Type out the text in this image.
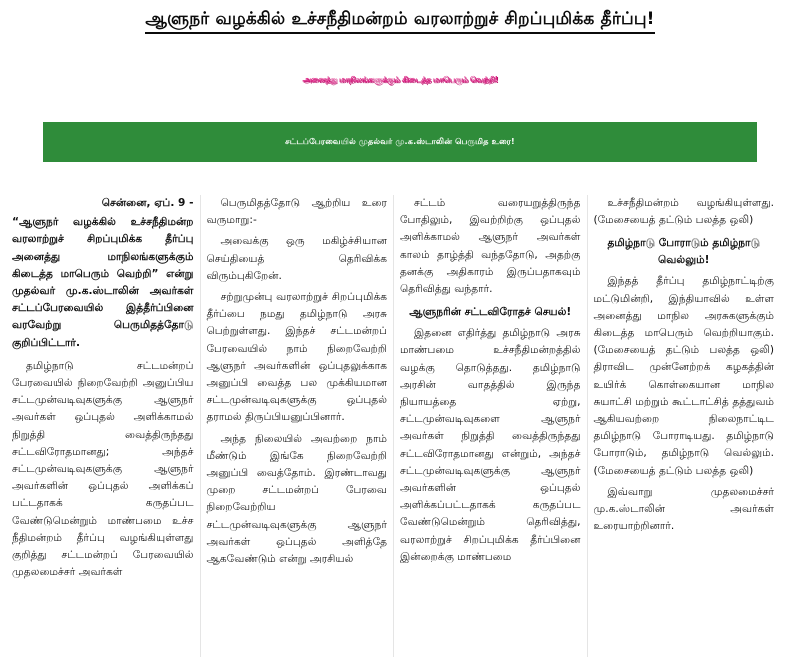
ஆளுநர் வழக்கில் உச்சநீதிமன்றம் வரலாற்றுச் சிறப்புமிக்க தீர்ப்பு!
அனைத்து மாநிலங்களுக்கும் கிடைத்த மாபெரும் வெற்றி!
சட்டப்பேரவையில் முதல்வர் மு.க.ஸ்டாலின் பெருமித உரை!
சென்னை, ஏப். 9 -
“ஆளுநர் வழக்கில் உச்சநீதிமன்ற வரலாற்றுச் சிறப்புமிக்க தீர்ப்பு அனைத்து மாநிலங்களுக்கும் கிடைத்த மாபெரும் வெற்றி” என்று முதல்வர் மு.க.ஸ்டாலின் அவர்கள் சட்டப்பேரவையில் இத்தீர்ப்பினை வரவேற்று பெருமிதத்தோடு குறிப்பிட்டார்.

தமிழ்நாடு சட்டமன்றப் பேரவையில் நிறைவேற்றி அனுப்பிய சட்டமுன்வடிவுகளுக்கு ஆளுநர் அவர்கள் ஒப்புதல் அளிக்காமல் நிறுத்தி வைத்திருந்தது சட்டவிரோதமானது; அந்தச் சட்டமுன்வடிவுகளுக்கு ஆளுநர் அவர்களின் ஒப்புதல் அளிக்கப் பட்டதாகக் கருதப்பட வேண்டுமென்றும் மாண்பமை உச்ச நீதிமன்றம் தீர்ப்பு வழங்கியுள்ளது குறித்து சட்டமன்றப் பேரவையில் முதலமைச்சர் அவர்கள்

பெருமிதத்தோடு ஆற்றிய உரை வருமாறு:-

அவைக்கு ஒரு மகிழ்ச்சியான செய்தியைத் தெரிவிக்க விரும்புகிறேன்.

சற்றுமுன்பு வரலாற்றுச் சிறப்புமிக்க தீர்ப்பை நமது தமிழ்நாடு அரசு பெற்றுள்ளது. இந்தச் சட்டமன்றப் பேரவையில் நாம் நிறைவேற்றி ஆளுநர் அவர்களின் ஒப்புதலுக்காக அனுப்பி வைத்த பல முக்கியமான சட்டமுன்வடிவுகளுக்கு ஒப்புதல் தராமல் திருப்பியனுப்பினார்.

அந்த நிலையில் அவற்றை நாம் மீண்டும் இங்கே நிறைவேற்றி அனுப்பி வைத்தோம். இரண்டாவது முறை சட்டமன்றப் பேரவை நிறைவேற்றிய சட்டமுன்வடிவுகளுக்கு ஆளுநர் அவர்கள் ஒப்புதல் அளித்தே ஆகவேண்டும் என்று அரசியல்

சட்டம் வரையறுத்திருந்த போதிலும், இவற்றிற்கு ஒப்புதல் அளிக்காமல் ஆளுநர் அவர்கள் காலம் தாழ்த்தி வந்ததோடு, அதற்கு தனக்கு அதிகாரம் இருப்பதாகவும் தெரிவித்து வந்தார்.

ஆளுநரின் சட்டவிரோதச் செயல்!

இதனை எதிர்த்து தமிழ்நாடு அரசு மாண்பமை உச்சநீதிமன்றத்தில் வழக்கு தொடுத்தது. தமிழ்நாடு அரசின் வாதத்தில் இருந்த நியாயத்தை ஏற்று, சட்டமுன்வடிவுகளை ஆளுநர் அவர்கள் நிறுத்தி வைத்திருந்தது சட்டவிரோதமானது என்றும், அந்தச் சட்டமுன்வடிவுகளுக்கு ஆளுநர் அவர்களின் ஒப்புதல் அளிக்கப்பட்டதாகக் கருதப்பட வேண்டுமென்றும் தெரிவித்து, வரலாற்றுச் சிறப்புமிக்க தீர்ப்பினை இன்றைக்கு மாண்பமை

உச்சநீதிமன்றம் வழங்கியுள்ளது. (மேசையைத் தட்டும் பலத்த ஒலி)

தமிழ்நாடு போராடும் தமிழ்நாடு வெல்லும்!

இந்தத் தீர்ப்பு தமிழ்நாட்டிற்கு மட்டுமின்றி, இந்தியாவில் உள்ள அனைத்து மாநில அரசுகளுக்கும் கிடைத்த மாபெரும் வெற்றியாகும். (மேசையைத் தட்டும் பலத்த ஒலி) திராவிட முன்னேற்றக் கழகத்தின் உயிர்க் கொள்கையான மாநில சுயாட்சி மற்றும் கூட்டாட்சித் தத்துவம் ஆகியவற்றை நிலைநாட்டிட தமிழ்நாடு போராடியது. தமிழ்நாடு போராடும், தமிழ்நாடு வெல்லும். (மேசையைத் தட்டும் பலத்த ஒலி)

இவ்வாறு முதலமைச்சர் மு.க.ஸ்டாலின் அவர்கள் உரையாற்றினார்.
